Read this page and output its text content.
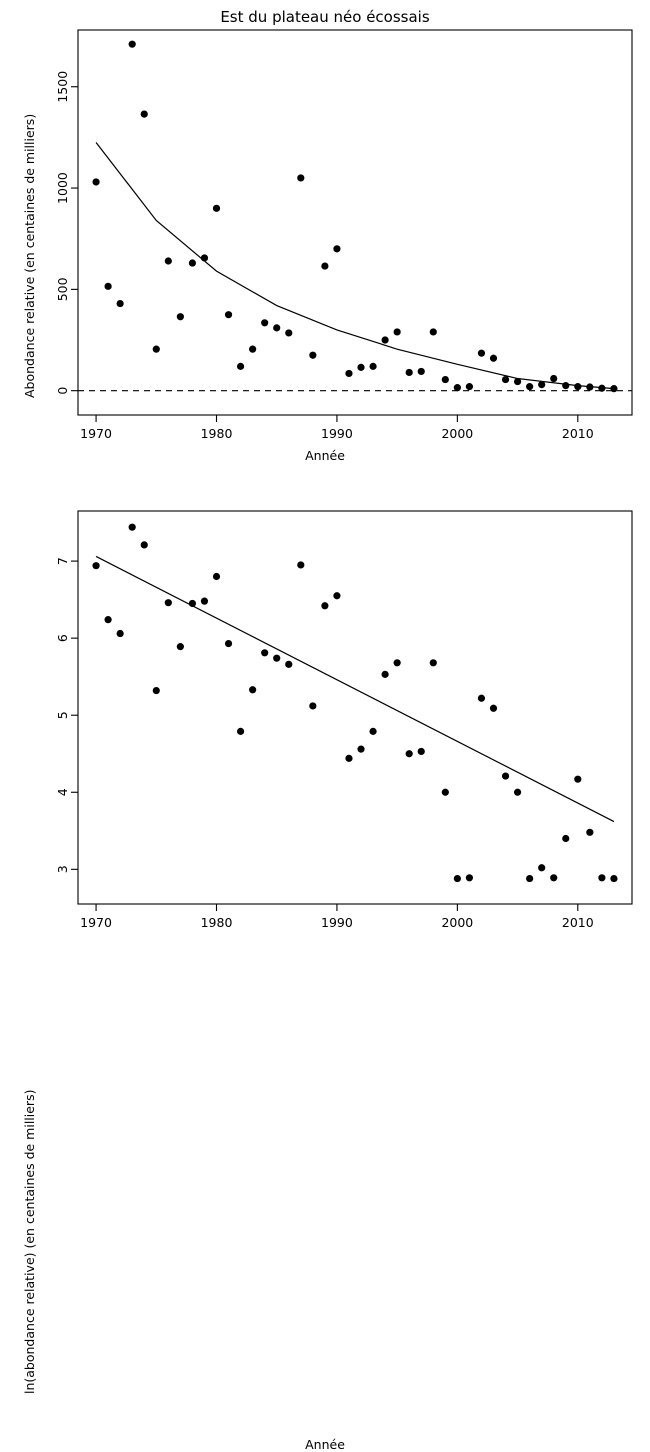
Est du plateau néo écossais
Année
Abondance relative (en centaines de milliers)
1970	1980	1990	2000	2010
0
500
1000
1500
Année
ln(abondance relative) (en centaines de milliers)
1970	1980	1990	2000	2010
3
4
5
6
7
